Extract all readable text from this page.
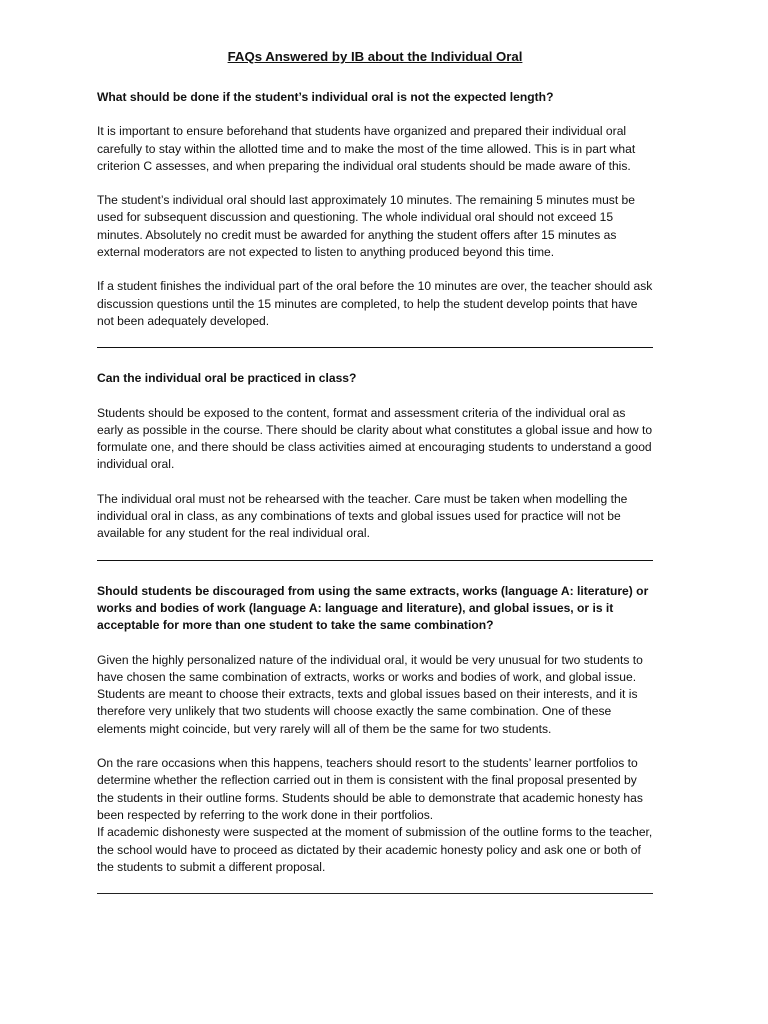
FAQs Answered by IB about the Individual Oral
What should be done if the student’s individual oral is not the expected length?
It is important to ensure beforehand that students have organized and prepared their individual oral carefully to stay within the allotted time and to make the most of the time allowed. This is in part what criterion C assesses, and when preparing the individual oral students should be made aware of this.
The student’s individual oral should last approximately 10 minutes. The remaining 5 minutes must be used for subsequent discussion and questioning. The whole individual oral should not exceed 15 minutes. Absolutely no credit must be awarded for anything the student offers after 15 minutes as external moderators are not expected to listen to anything produced beyond this time.
If a student finishes the individual part of the oral before the 10 minutes are over, the teacher should ask discussion questions until the 15 minutes are completed, to help the student develop points that have not been adequately developed.
Can the individual oral be practiced in class?
Students should be exposed to the content, format and assessment criteria of the individual oral as early as possible in the course. There should be clarity about what constitutes a global issue and how to formulate one, and there should be class activities aimed at encouraging students to understand a good individual oral.
The individual oral must not be rehearsed with the teacher. Care must be taken when modelling the individual oral in class, as any combinations of texts and global issues used for practice will not be available for any student for the real individual oral.
Should students be discouraged from using the same extracts, works (language A: literature) or works and bodies of work (language A: language and literature), and global issues, or is it acceptable for more than one student to take the same combination?
Given the highly personalized nature of the individual oral, it would be very unusual for two students to have chosen the same combination of extracts, works or works and bodies of work, and global issue. Students are meant to choose their extracts, texts and global issues based on their interests, and it is therefore very unlikely that two students will choose exactly the same combination. One of these elements might coincide, but very rarely will all of them be the same for two students.
On the rare occasions when this happens, teachers should resort to the students’ learner portfolios to determine whether the reflection carried out in them is consistent with the final proposal presented by the students in their outline forms. Students should be able to demonstrate that academic honesty has been respected by referring to the work done in their portfolios.
If academic dishonesty were suspected at the moment of submission of the outline forms to the teacher, the school would have to proceed as dictated by their academic honesty policy and ask one or both of the students to submit a different proposal.
